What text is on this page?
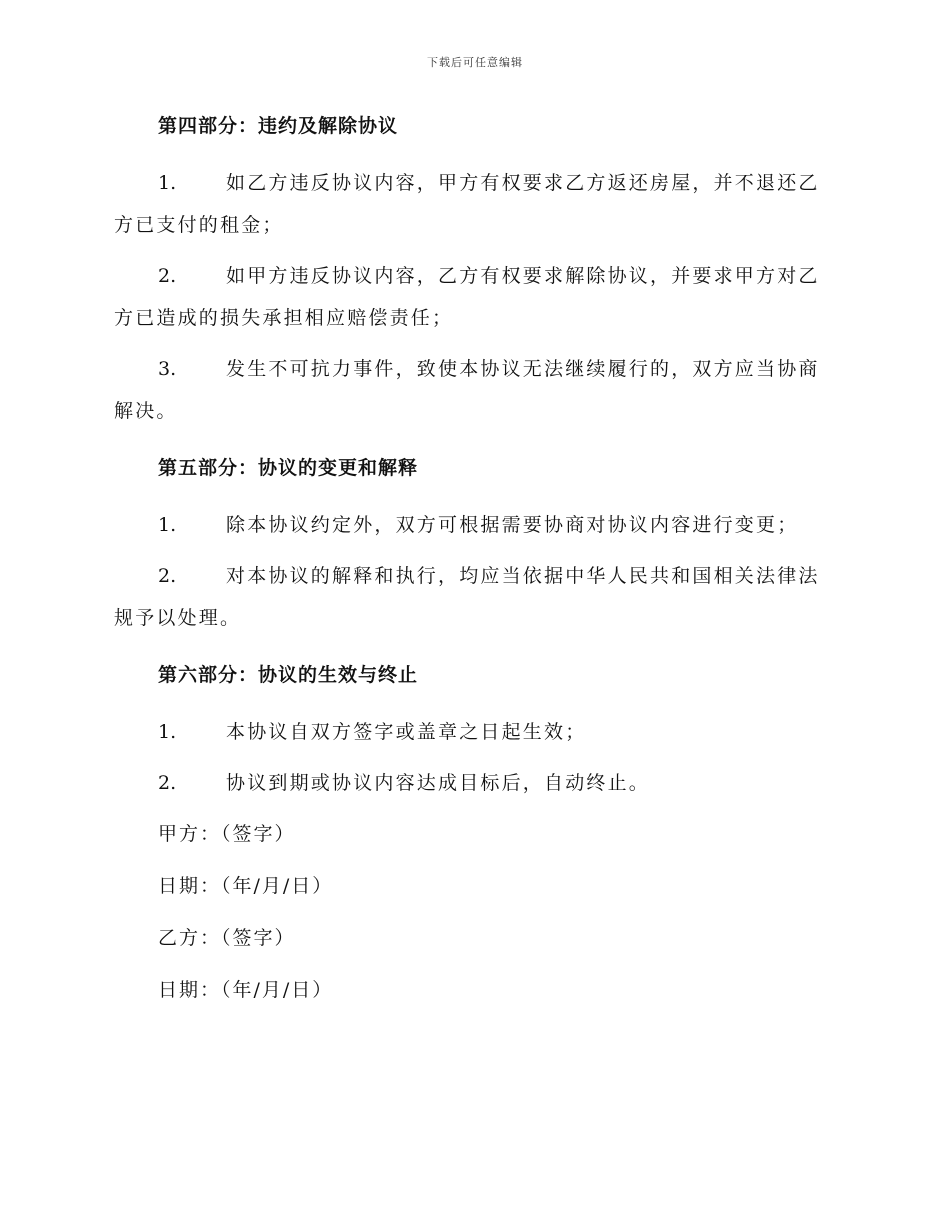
下载后可任意编辑
第四部分：违约及解除协议
1.	如乙方违反协议内容，甲方有权要求乙方返还房屋，并不退还乙方已支付的租金；
2.	如甲方违反协议内容，乙方有权要求解除协议，并要求甲方对乙方已造成的损失承担相应赔偿责任；
3.	发生不可抗力事件，致使本协议无法继续履行的，双方应当协商解决。
第五部分：协议的变更和解释
1.	除本协议约定外，双方可根据需要协商对协议内容进行变更；
2.	对本协议的解释和执行，均应当依据中华人民共和国相关法律法规予以处理。
第六部分：协议的生效与终止
1.	本协议自双方签字或盖章之日起生效；
2.	协议到期或协议内容达成目标后，自动终止。
甲方：（签字）
日期：（年/月/日）
乙方：（签字）
日期：（年/月/日）
